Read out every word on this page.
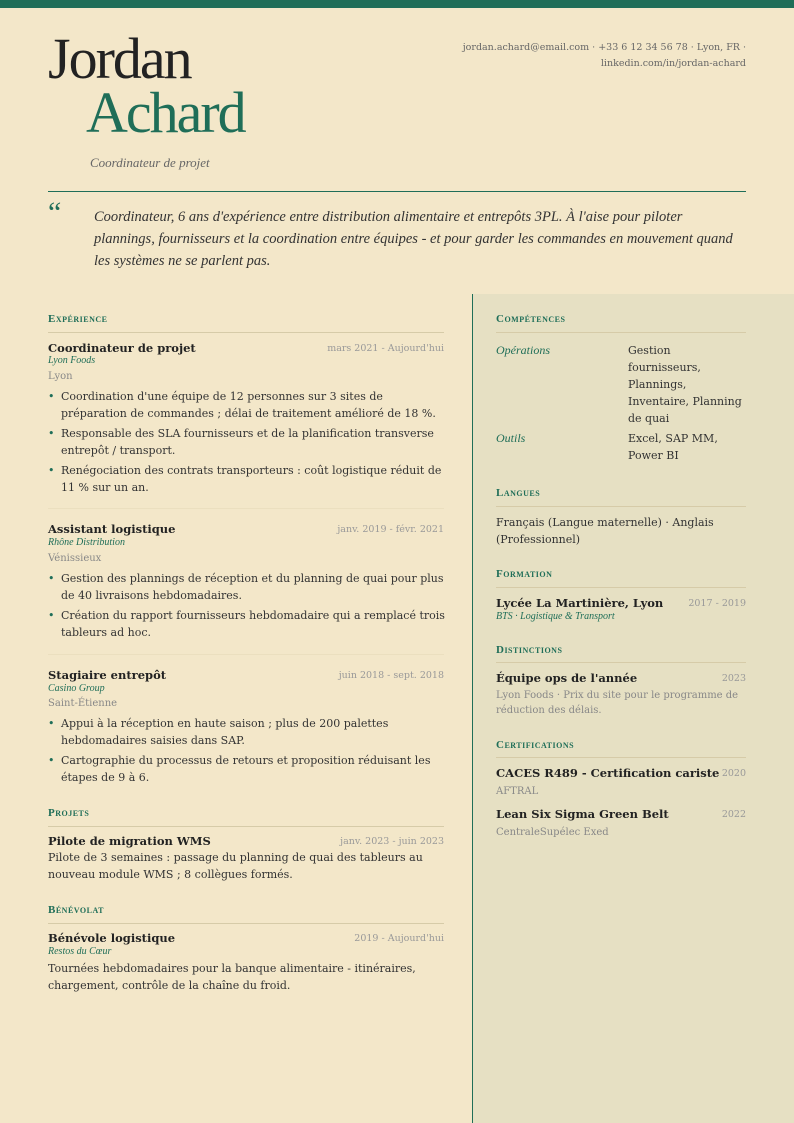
Jordan
Achard
Coordinateur de projet
jordan.achard@email.com · +33 6 12 34 56 78 · Lyon, FR ·
linkedin.com/in/jordan-achard
“ Coordinateur, 6 ans d'expérience entre distribution alimentaire et entrepôts 3PL. À l'aise pour piloter plannings, fournisseurs et la coordination entre équipes - et pour garder les commandes en mouvement quand les systèmes ne se parlent pas.
Expérience
Coordinateur de projet	mars 2021 - Aujourd'hui
Lyon Foods
Lyon
• Coordination d'une équipe de 12 personnes sur 3 sites de préparation de commandes ; délai de traitement amélioré de 18 %.
• Responsable des SLA fournisseurs et de la planification transverse entrepôt / transport.
• Renégociation des contrats transporteurs : coût logistique réduit de 11 % sur un an.
Assistant logistique	janv. 2019 - févr. 2021
Rhône Distribution
Vénissieux
• Gestion des plannings de réception et du planning de quai pour plus de 40 livraisons hebdomadaires.
• Création du rapport fournisseurs hebdomadaire qui a remplacé trois tableurs ad hoc.
Stagiaire entrepôt	juin 2018 - sept. 2018
Casino Group
Saint-Étienne
• Appui à la réception en haute saison ; plus de 200 palettes hebdomadaires saisies dans SAP.
• Cartographie du processus de retours et proposition réduisant les étapes de 9 à 6.
Projets
Pilote de migration WMS	janv. 2023 - juin 2023
Pilote de 3 semaines : passage du planning de quai des tableurs au nouveau module WMS ; 8 collègues formés.
Bénévolat
Bénévole logistique	2019 - Aujourd'hui
Restos du Cœur
Tournées hebdomadaires pour la banque alimentaire - itinéraires, chargement, contrôle de la chaîne du froid.
Compétences
Opérations	Gestion fournisseurs, Plannings, Inventaire, Planning de quai
Outils	Excel, SAP MM, Power BI
Langues
Français (Langue maternelle) · Anglais (Professionnel)
Formation
Lycée La Martinière, Lyon	2017 - 2019
BTS · Logistique & Transport
Distinctions
Équipe ops de l'année	2023
Lyon Foods · Prix du site pour le programme de réduction des délais.
Certifications
CACES R489 - Certification cariste 2020
AFTRAL
Lean Six Sigma Green Belt	2022
CentraleSupélec Exed
